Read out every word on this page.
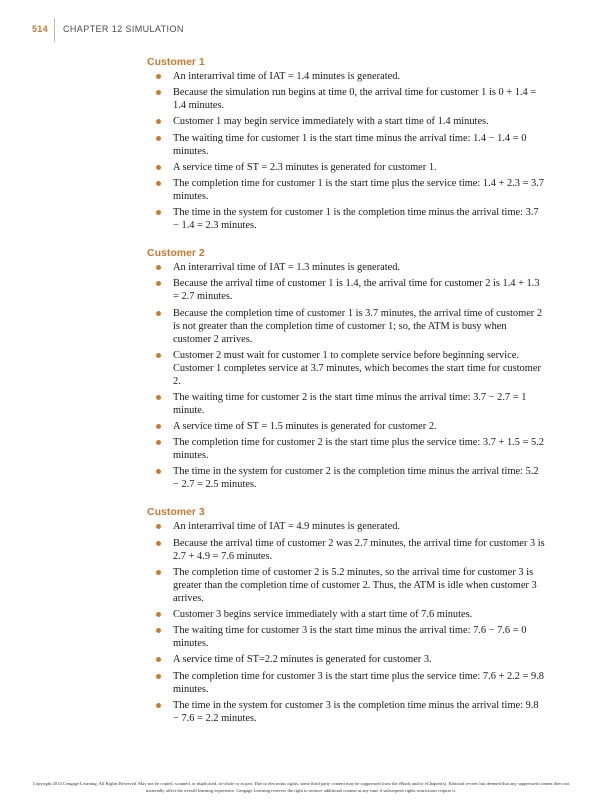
514 CHAPTER 12 SIMULATION
Customer 1
An interarrival time of IAT = 1.4 minutes is generated.
Because the simulation run begins at time 0, the arrival time for customer 1 is 0 + 1.4 = 1.4 minutes.
Customer 1 may begin service immediately with a start time of 1.4 minutes.
The waiting time for customer 1 is the start time minus the arrival time: 1.4 − 1.4 = 0 minutes.
A service time of ST = 2.3 minutes is generated for customer 1.
The completion time for customer 1 is the start time plus the service time: 1.4 + 2.3 = 3.7 minutes.
The time in the system for customer 1 is the completion time minus the arrival time: 3.7 − 1.4 = 2.3 minutes.
Customer 2
An interarrival time of IAT = 1.3 minutes is generated.
Because the arrival time of customer 1 is 1.4, the arrival time for customer 2 is 1.4 + 1.3 = 2.7 minutes.
Because the completion time of customer 1 is 3.7 minutes, the arrival time of customer 2 is not greater than the completion time of customer 1; so, the ATM is busy when customer 2 arrives.
Customer 2 must wait for customer 1 to complete service before beginning service. Customer 1 completes service at 3.7 minutes, which becomes the start time for customer 2.
The waiting time for customer 2 is the start time minus the arrival time: 3.7 − 2.7 = 1 minute.
A service time of ST = 1.5 minutes is generated for customer 2.
The completion time for customer 2 is the start time plus the service time: 3.7 + 1.5 = 5.2 minutes.
The time in the system for customer 2 is the completion time minus the arrival time: 5.2 − 2.7 = 2.5 minutes.
Customer 3
An interarrival time of IAT = 4.9 minutes is generated.
Because the arrival time of customer 2 was 2.7 minutes, the arrival time for customer 3 is 2.7 + 4.9 = 7.6 minutes.
The completion time of customer 2 is 5.2 minutes, so the arrival time for customer 3 is greater than the completion time of customer 2. Thus, the ATM is idle when customer 3 arrives.
Customer 3 begins service immediately with a start time of 7.6 minutes.
The waiting time for customer 3 is the start time minus the arrival time: 7.6 − 7.6 = 0 minutes.
A service time of ST=2.2 minutes is generated for customer 3.
The completion time for customer 3 is the start time plus the service time: 7.6 + 2.2 = 9.8 minutes.
The time in the system for customer 3 is the completion time minus the arrival time: 9.8 − 7.6 = 2.2 minutes.
Copyright 2014 Cengage Learning. All Rights Reserved. May not be copied, scanned, or duplicated, in whole or in part. Due to electronic rights, some third party content may be suppressed from the eBook and/or eChapter(s). Editorial review has deemed that any suppressed content does not materially affect the overall learning experience. Cengage Learning reserves the right to remove additional content at any time if subsequent rights restrictions require it.
